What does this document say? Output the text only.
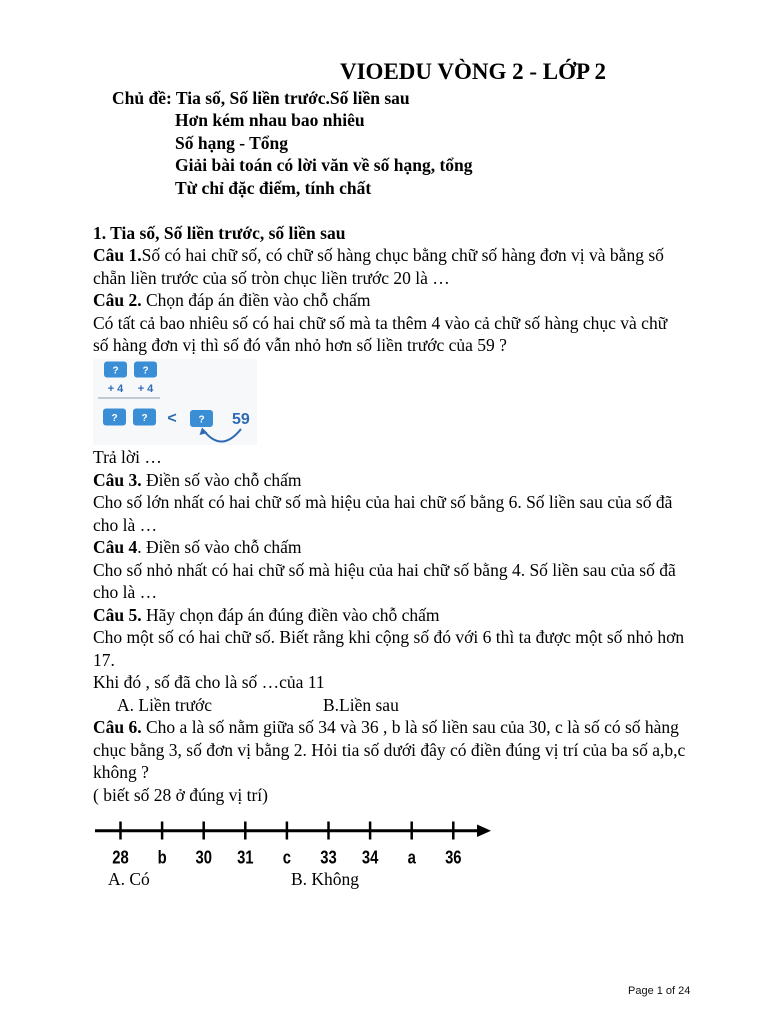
VIOEDU VÒNG 2 - LỚP 2
Chủ đề: Tia số, Số liền trước.Số liền sau
Hơn kém nhau bao nhiêu
Số hạng - Tổng
Giải bài toán có lời văn về số hạng, tổng
Từ chỉ đặc điểm, tính chất
1. Tia số, Số liền trước, số liền sau
Câu 1.Số có hai chữ số, có chữ số hàng chục bằng chữ số hàng đơn vị và bằng số
chẵn liền trước của số tròn chục liền trước 20 là …
Câu 2. Chọn đáp án điền vào chỗ chấm
Có tất cả bao nhiêu số có hai chữ số mà ta thêm 4 vào cả chữ số hàng chục và chữ
số hàng đơn vị thì số đó vẫn nhỏ hơn số liền trước của 59 ?
? ?
+ 4 + 4
? ? < ? 59
Trả lời …
Câu 3. Điền số vào chỗ chấm
Cho số lớn nhất có hai chữ số mà hiệu của hai chữ số bằng 6. Số liền sau của số đã
cho là …
Câu 4. Điền số vào chỗ chấm
Cho số nhỏ nhất có hai chữ số mà hiệu của hai chữ số bằng 4. Số liền sau của số đã
cho là …
Câu 5. Hãy chọn đáp án đúng điền vào chỗ chấm
Cho một số có hai chữ số. Biết rằng khi cộng số đó với 6 thì ta được một số nhỏ hơn
17.
Khi đó , số đã cho là số …của 11
A. Liền trước	B.Liền sau
Câu 6. Cho a là số nằm giữa số 34 và 36 , b là số liền sau của 30, c là số có số hàng
chục bằng 3, số đơn vị bằng 2. Hỏi tia số dưới đây có điền đúng vị trí của ba số a,b,c
không ?
( biết số 28 ở đúng vị trí)
28 b 30 31 c 33 34 a 36
A. Có	B. Không
Page 1 of 24
